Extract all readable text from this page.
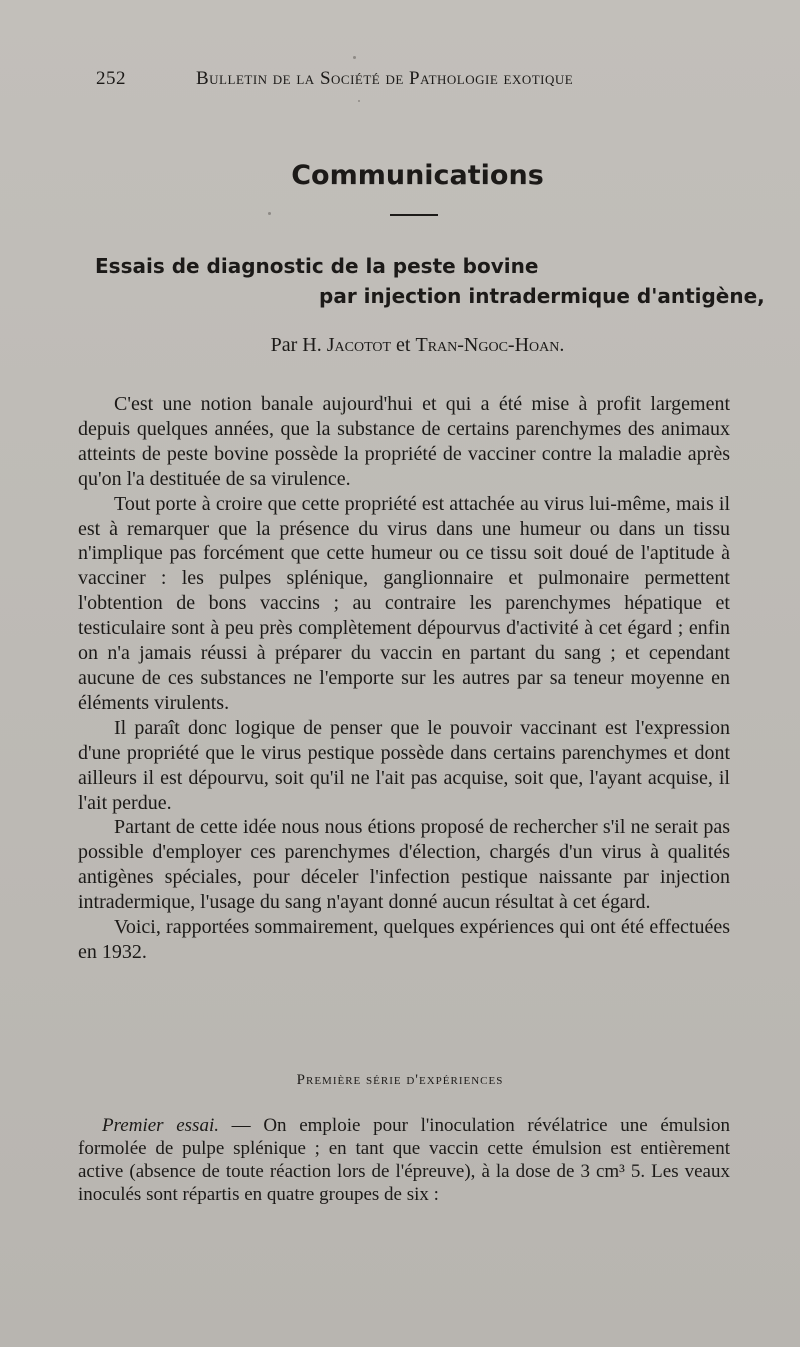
252	Bulletin de la Société de Pathologie exotique
Communications
Essais de diagnostic de la peste bovine
par injection intradermique d'antigène,
Par H. Jacotot et Tran-Ngoc-Hoan.

C'est une notion banale aujourd'hui et qui a été mise à profit largement depuis quelques années, que la substance de certains parenchymes des animaux atteints de peste bovine possède la propriété de vacciner contre la maladie après qu'on l'a destituée de sa virulence.

Tout porte à croire que cette propriété est attachée au virus lui-même, mais il est à remarquer que la présence du virus dans une humeur ou dans un tissu n'implique pas forcément que cette humeur ou ce tissu soit doué de l'aptitude à vacciner : les pulpes splénique, ganglionnaire et pulmonaire permettent l'obtention de bons vaccins ; au contraire les parenchymes hépatique et testiculaire sont à peu près complètement dépourvus d'activité à cet égard ; enfin on n'a jamais réussi à préparer du vaccin en partant du sang ; et cependant aucune de ces substances ne l'emporte sur les autres par sa teneur moyenne en éléments virulents.

Il paraît donc logique de penser que le pouvoir vaccinant est l'expression d'une propriété que le virus pestique possède dans certains parenchymes et dont ailleurs il est dépourvu, soit qu'il ne l'ait pas acquise, soit que, l'ayant acquise, il l'ait perdue.

Partant de cette idée nous nous étions proposé de rechercher s'il ne serait pas possible d'employer ces parenchymes d'élection, chargés d'un virus à qualités antigènes spéciales, pour déceler l'infection pestique naissante par injection intradermique, l'usage du sang n'ayant donné aucun résultat à cet égard.

Voici, rapportées sommairement, quelques expériences qui ont été effectuées en 1932.

Première série d'expériences

Premier essai. — On emploie pour l'inoculation révélatrice une émulsion formolée de pulpe splénique ; en tant que vaccin cette émulsion est entièrement active (absence de toute réaction lors de l'épreuve), à la dose de 3 cm³ 5. Les veaux inoculés sont répartis en quatre groupes de six :
